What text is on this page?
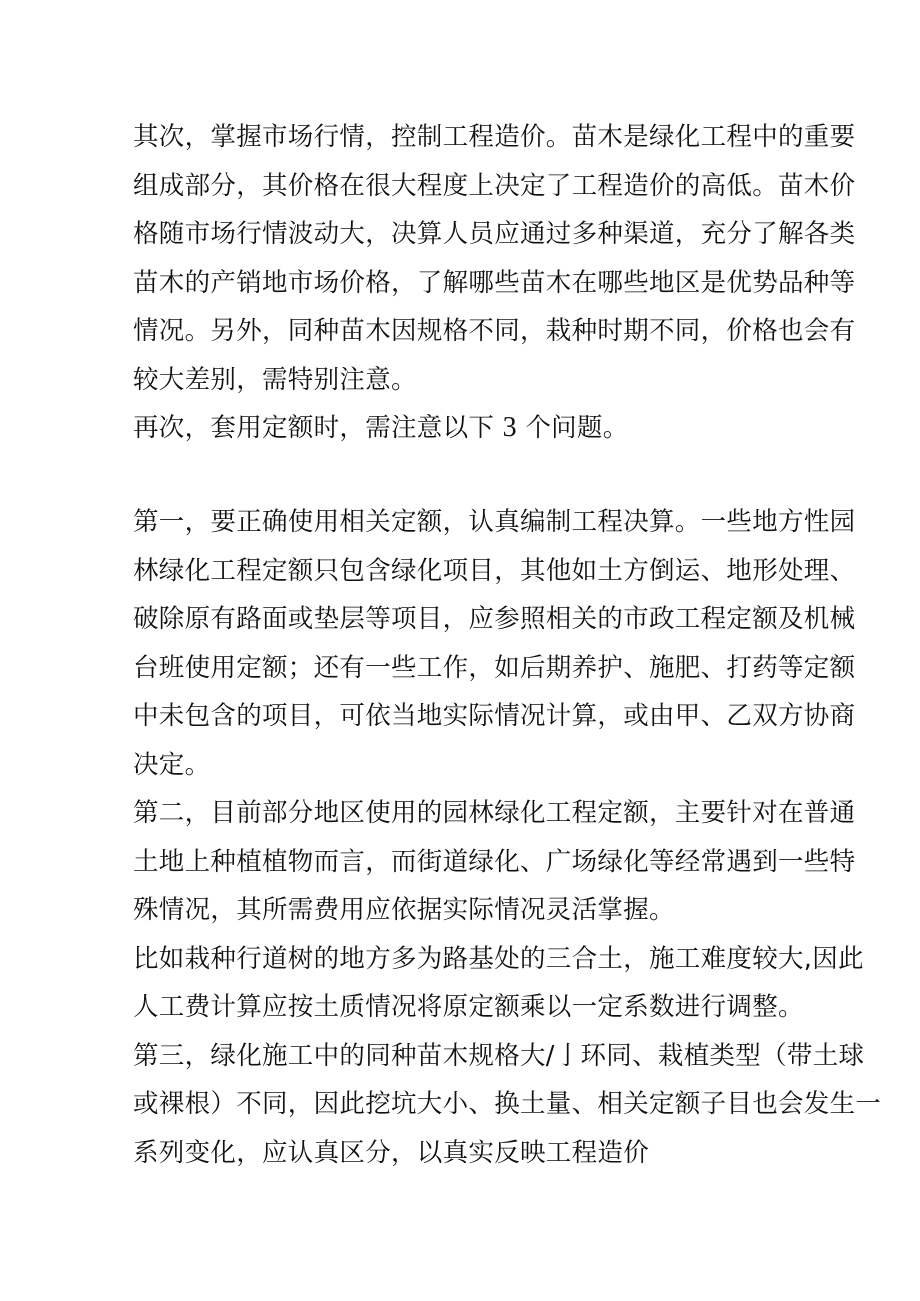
其次，掌握市场行情，控制工程造价。苗木是绿化工程中的重要
组成部分，其价格在很大程度上决定了工程造价的高低。苗木价
格随市场行情波动大，决算人员应通过多种渠道，充分了解各类
苗木的产销地市场价格，了解哪些苗木在哪些地区是优势品种等
情况。另外，同种苗木因规格不同，栽种时期不同，价格也会有
较大差别，需特别注意。
再次，套用定额时，需注意以下 3 个问题。
第一，要正确使用相关定额，认真编制工程决算。一些地方性园
林绿化工程定额只包含绿化项目，其他如土方倒运、地形处理、
破除原有路面或垫层等项目，应参照相关的市政工程定额及机械
台班使用定额；还有一些工作，如后期养护、施肥、打药等定额
中未包含的项目，可依当地实际情况计算，或由甲、乙双方协商
决定。
第二，目前部分地区使用的园林绿化工程定额，主要针对在普通
土地上种植植物而言，而街道绿化、广场绿化等经常遇到一些特
殊情况，其所需费用应依据实际情况灵活掌握。
比如栽种行道树的地方多为路基处的三合土，施工难度较大,因此
人工费计算应按土质情况将原定额乘以一定系数进行调整。
第三，绿化施工中的同种苗木规格大/亅环同、栽植类型（带土球
或裸根）不同，因此挖坑大小、换土量、相关定额子目也会发生一
系列变化，应认真区分，以真实反映工程造价
